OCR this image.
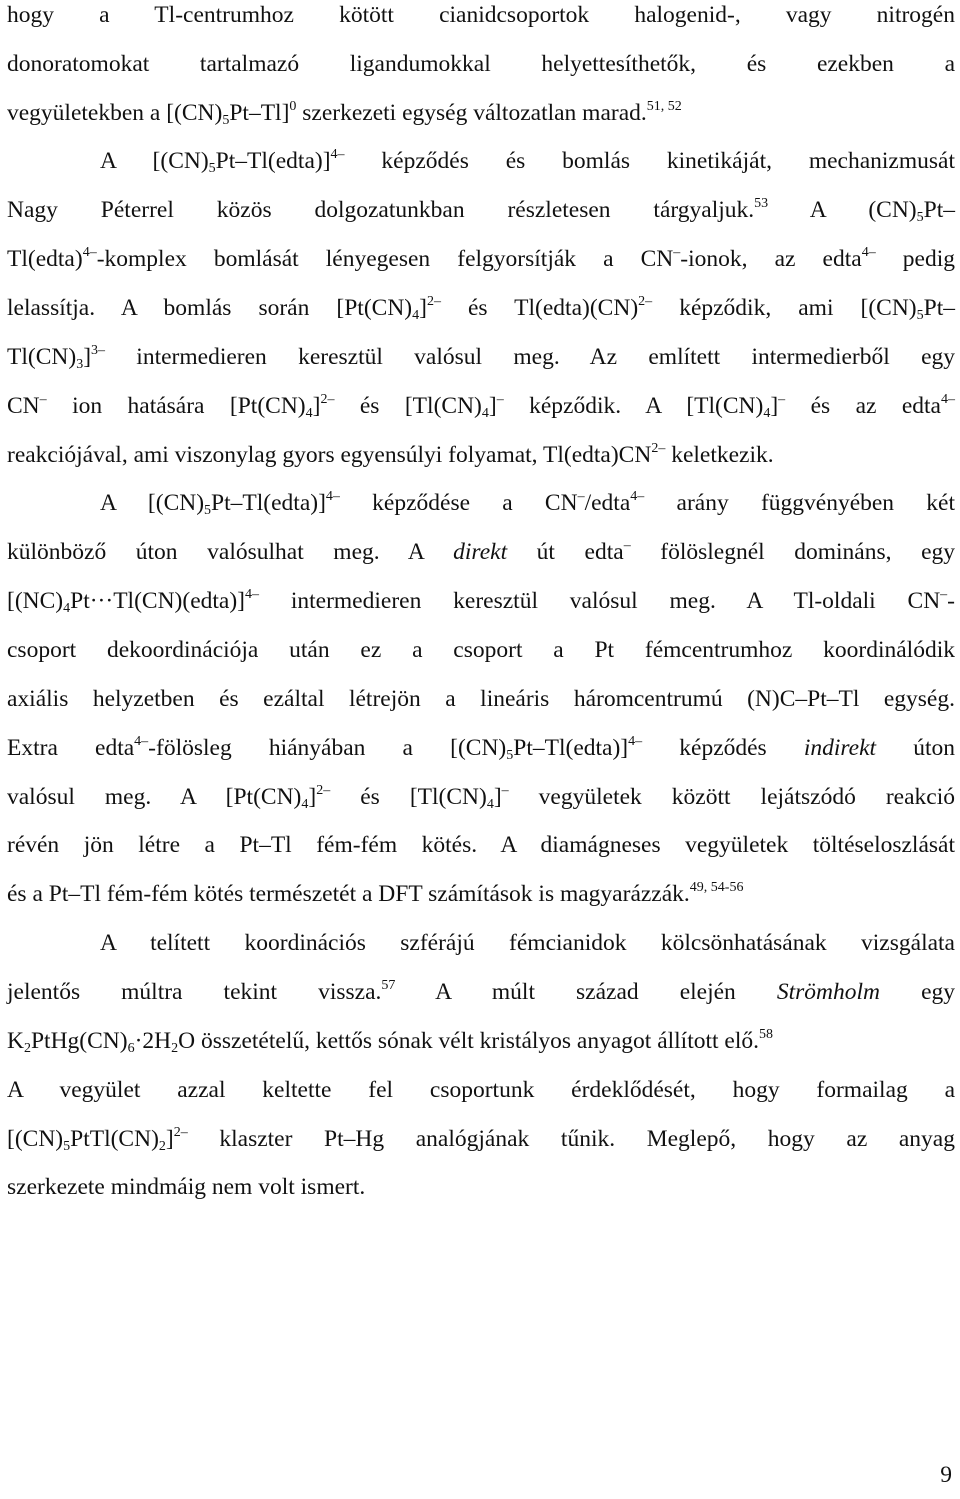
hogy a Tl-centrumhoz kötött cianidcsoportok halogenid-, vagy nitrogén
donoratomokat tartalmazó ligandumokkal helyettesíthetők, és ezekben a
vegyületekben a $[(CN)_5Pt-Tl]^0$ szerkezeti egység változatlan marad.$^{51, 52}$
A $[(CN)_5Pt-Tl(edta)]^{4-}$ képződés és bomlás kinetikáját, mechanizmusát
Nagy Péterrel közös dolgozatunkban részletesen tárgyaljuk.$^{53}$ A $(CN)_5Pt-$
Tl(edta)$^{4-}$-komplex bomlását lényegesen felgyorsítják a CN–-ionok, az edta$^{4-}$ pedig
lelassítja. A bomlás során $[Pt(CN)_4]^{2-}$ és Tl(edta)(CN)$^{2-}$ képződik, ami [$(CN)_5Pt-$
$Tl(CN)_3]^{3-}$ intermedieren keresztül valósul meg. Az említett intermedierből egy
CN– ion hatására $[Pt(CN)_4]^{2-}$ és $[Tl(CN)_4]^-$ képződik. A $[Tl(CN)_4]^-$ és az edta$^{4-}$
reakciójával, ami viszonylag gyors egyensúlyi folyamat, $Tl(edta)CN^{2-}$ keletkezik.
A $[(CN)_5Pt-Tl(edta)]^{4-}$ képződése a CN–/edta$^{4-}$ arány függvényében két
különböző úton valósulhat meg. A direkt út edta– fölöslegnél domináns, egy
$[(NC)_4Pt\cdot\cdot\cdot Tl(CN)(edta)]^{4-}$ intermedieren keresztül valósul meg. A Tl-oldali CN–-
csoport dekoordinációja után ez a csoport a Pt fémcentrumhoz koordinálódik
axiális helyzetben és ezáltal létrejön a lineáris háromcentrumú (N)C–Pt–Tl egység.
Extra edta$^{4-}$-fölösleg hiányában a $[(CN)_5Pt-Tl(edta)]^{4-}$ képződés indirekt úton
valósul meg. A $[Pt(CN)_4]^{2-}$ és $[Tl(CN)_4]^-$ vegyületek között lejátszódó reakció
révén jön létre a Pt–Tl fém-fém kötés. A diamágneses vegyületek töltéseloszlását
és a Pt–Tl fém-fém kötés természetét a DFT számítások is magyarázzák.$^{49, 54-56}$
A telített koordinációs szférájú fémcianidok kölcsönhatásának vizsgálata
jelentős múltra tekint vissza.$^{57}$ A múlt század elején Strömholm egy
$K_2PtHg(CN)_6\cdot 2H_2O$ összetételű, kettős sónak vélt kristályos anyagot állított elő.$^{58}$
A vegyület azzal keltette fel csoportunk érdeklődését, hogy formailag a
$[(CN)_5PtTl(CN)_2]^{2-}$ klaszter Pt–Hg analógjának tűnik. Meglepő, hogy az anyag
szerkezete mindmáig nem volt ismert.
9
